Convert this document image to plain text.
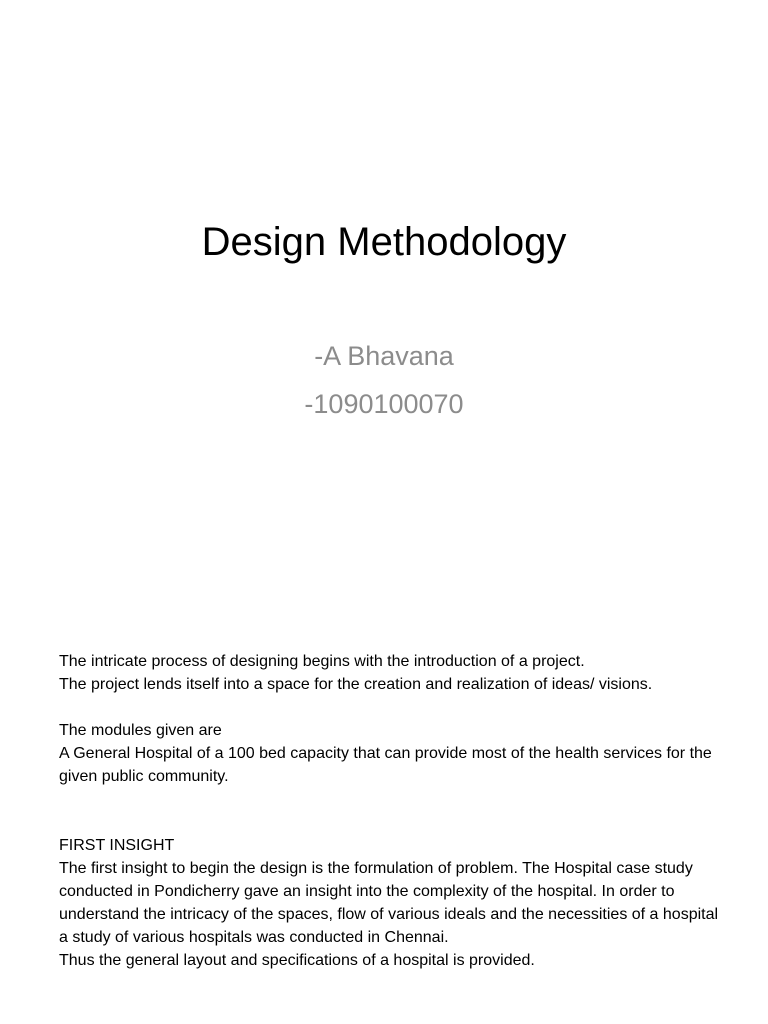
Design Methodology
-A Bhavana
-1090100070

The intricate process of designing begins with the introduction of a project.

The project lends itself into a space for the creation and realization of ideas/ visions.

The modules given are

A General Hospital of a 100 bed capacity that can provide most of the health services for the given public community.

FIRST INSIGHT

The first insight to begin the design is the formulation of problem. The Hospital case study conducted in Pondicherry gave an insight into the complexity of the hospital. In order to understand the intricacy of the spaces, flow of various ideals and the necessities of a hospital a study of various hospitals was conducted in Chennai.

Thus the general layout and specifications of a hospital is provided.
